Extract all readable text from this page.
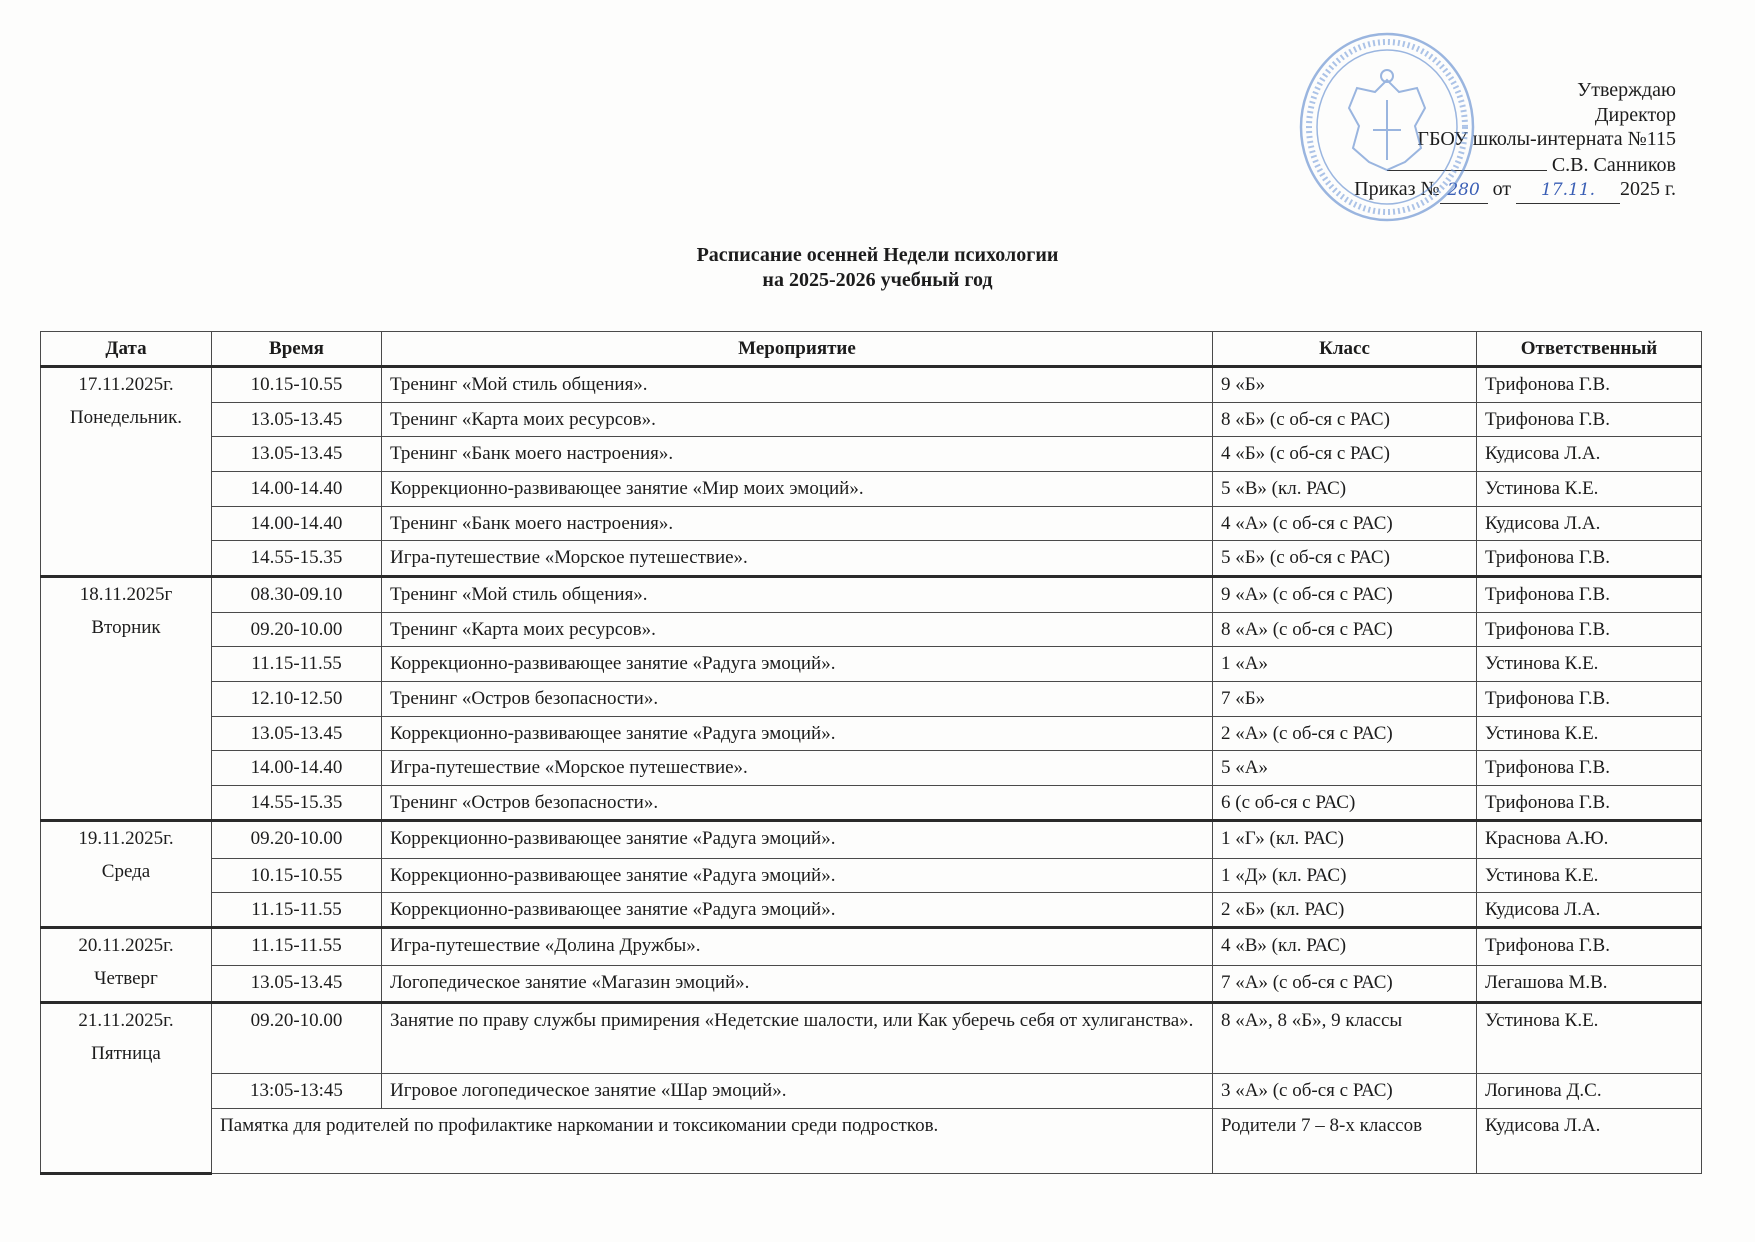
Утверждаю
Директор
ГБОУ школы-интерната №115
С.В. Санников
Приказ № 280 от 17.11. 2025 г.
Расписание осенней Недели психологии
на 2025-2026 учебный год
Дата	Время	Мероприятие	Класс	Ответственный

17.11.2025г.
Понедельник.	10.15-10.55	Тренинг «Мой стиль общения».	9 «Б»	Трифонова Г.В.
	13.05-13.45	Тренинг «Карта моих ресурсов».	8 «Б» (с об-ся с РАС)	Трифонова Г.В.
	13.05-13.45	Тренинг «Банк моего настроения».	4 «Б» (с об-ся с РАС)	Кудисова Л.А.
	14.00-14.40	Коррекционно-развивающее занятие «Мир моих эмоций».	5 «В» (кл. РАС)	Устинова К.Е.
	14.00-14.40	Тренинг «Банк моего настроения».	4 «А» (с об-ся с РАС)	Кудисова Л.А.
	14.55-15.35	Игра-путешествие «Морское путешествие».	5 «Б» (с об-ся с РАС)	Трифонова Г.В.

18.11.2025г
Вторник	08.30-09.10	Тренинг «Мой стиль общения».	9 «А» (с об-ся с РАС)	Трифонова Г.В.
	09.20-10.00	Тренинг «Карта моих ресурсов».	8 «А» (с об-ся с РАС)	Трифонова Г.В.
	11.15-11.55	Коррекционно-развивающее занятие «Радуга эмоций».	1 «А»	Устинова К.Е.
	12.10-12.50	Тренинг «Остров безопасности».	7 «Б»	Трифонова Г.В.
	13.05-13.45	Коррекционно-развивающее занятие «Радуга эмоций».	2 «А» (с об-ся с РАС)	Устинова К.Е.
	14.00-14.40	Игра-путешествие «Морское путешествие».	5 «А»	Трифонова Г.В.
	14.55-15.35	Тренинг «Остров безопасности».	6 (с об-ся с РАС)	Трифонова Г.В.

19.11.2025г.
Среда	09.20-10.00	Коррекционно-развивающее занятие «Радуга эмоций».	1 «Г» (кл. РАС)	Краснова А.Ю.
	10.15-10.55	Коррекционно-развивающее занятие «Радуга эмоций».	1 «Д» (кл. РАС)	Устинова К.Е.
	11.15-11.55	Коррекционно-развивающее занятие «Радуга эмоций».	2 «Б» (кл. РАС)	Кудисова Л.А.

20.11.2025г.
Четверг	11.15-11.55	Игра-путешествие «Долина Дружбы».	4 «В» (кл. РАС)	Трифонова Г.В.
	13.05-13.45	Логопедическое занятие «Магазин эмоций».	7 «А» (с об-ся с РАС)	Легашова М.В.

21.11.2025г.
Пятница	09.20-10.00	Занятие по праву службы примирения «Недетские шалости, или Как уберечь себя от хулиганства».	8 «А», 8 «Б», 9 классы	Устинова К.Е.
	13:05-13:45	Игровое логопедическое занятие «Шар эмоций».	3 «А» (с об-ся с РАС)	Логинова Д.С.
	Памятка для родителей по профилактике наркомании и токсикомании среди подростков.		Родители 7 – 8-х классов	Кудисова Л.А.
